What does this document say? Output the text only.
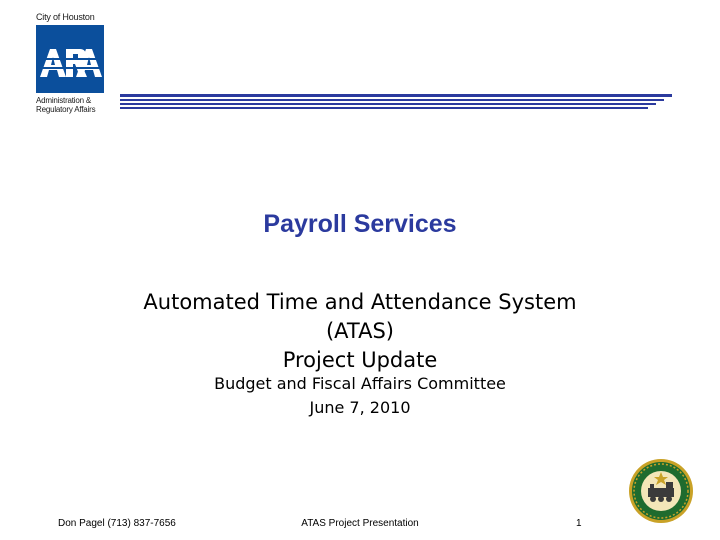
City of Houston
Administration &
Regulatory Affairs
Payroll Services
Automated Time and Attendance System
(ATAS)
Project Update
Budget and Fiscal Affairs Committee
June 7, 2010
Don Pagel (713) 837-7656	ATAS Project Presentation	1
